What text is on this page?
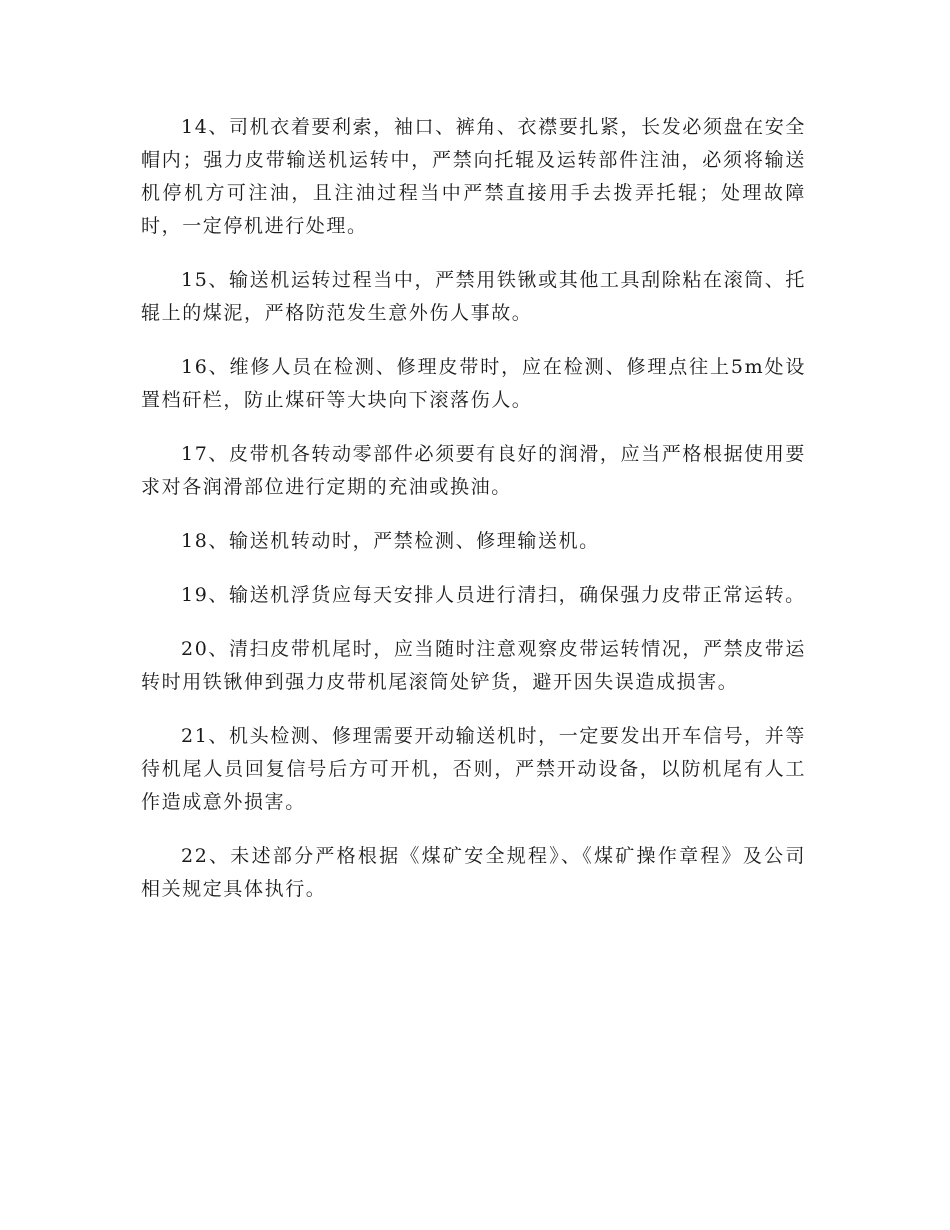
14、司机衣着要利索，袖口、裤角、衣襟要扎紧，长发必须盘在安全帽内；强力皮带输送机运转中，严禁向托辊及运转部件注油，必须将输送机停机方可注油，且注油过程当中严禁直接用手去拨弄托辊；处理故障时，一定停机进行处理。

15、输送机运转过程当中，严禁用铁锹或其他工具刮除粘在滚筒、托辊上的煤泥，严格防范发生意外伤人事故。

16、维修人员在检测、修理皮带时，应在检测、修理点往上5m处设置档矸栏，防止煤矸等大块向下滚落伤人。

17、皮带机各转动零部件必须要有良好的润滑，应当严格根据使用要求对各润滑部位进行定期的充油或换油。

18、输送机转动时，严禁检测、修理输送机。

19、输送机浮货应每天安排人员进行清扫，确保强力皮带正常运转。

20、清扫皮带机尾时，应当随时注意观察皮带运转情况，严禁皮带运转时用铁锹伸到强力皮带机尾滚筒处铲货，避开因失误造成损害。

21、机头检测、修理需要开动输送机时，一定要发出开车信号，并等待机尾人员回复信号后方可开机，否则，严禁开动设备，以防机尾有人工作造成意外损害。

22、未述部分严格根据《煤矿安全规程》、《煤矿操作章程》及公司相关规定具体执行。
